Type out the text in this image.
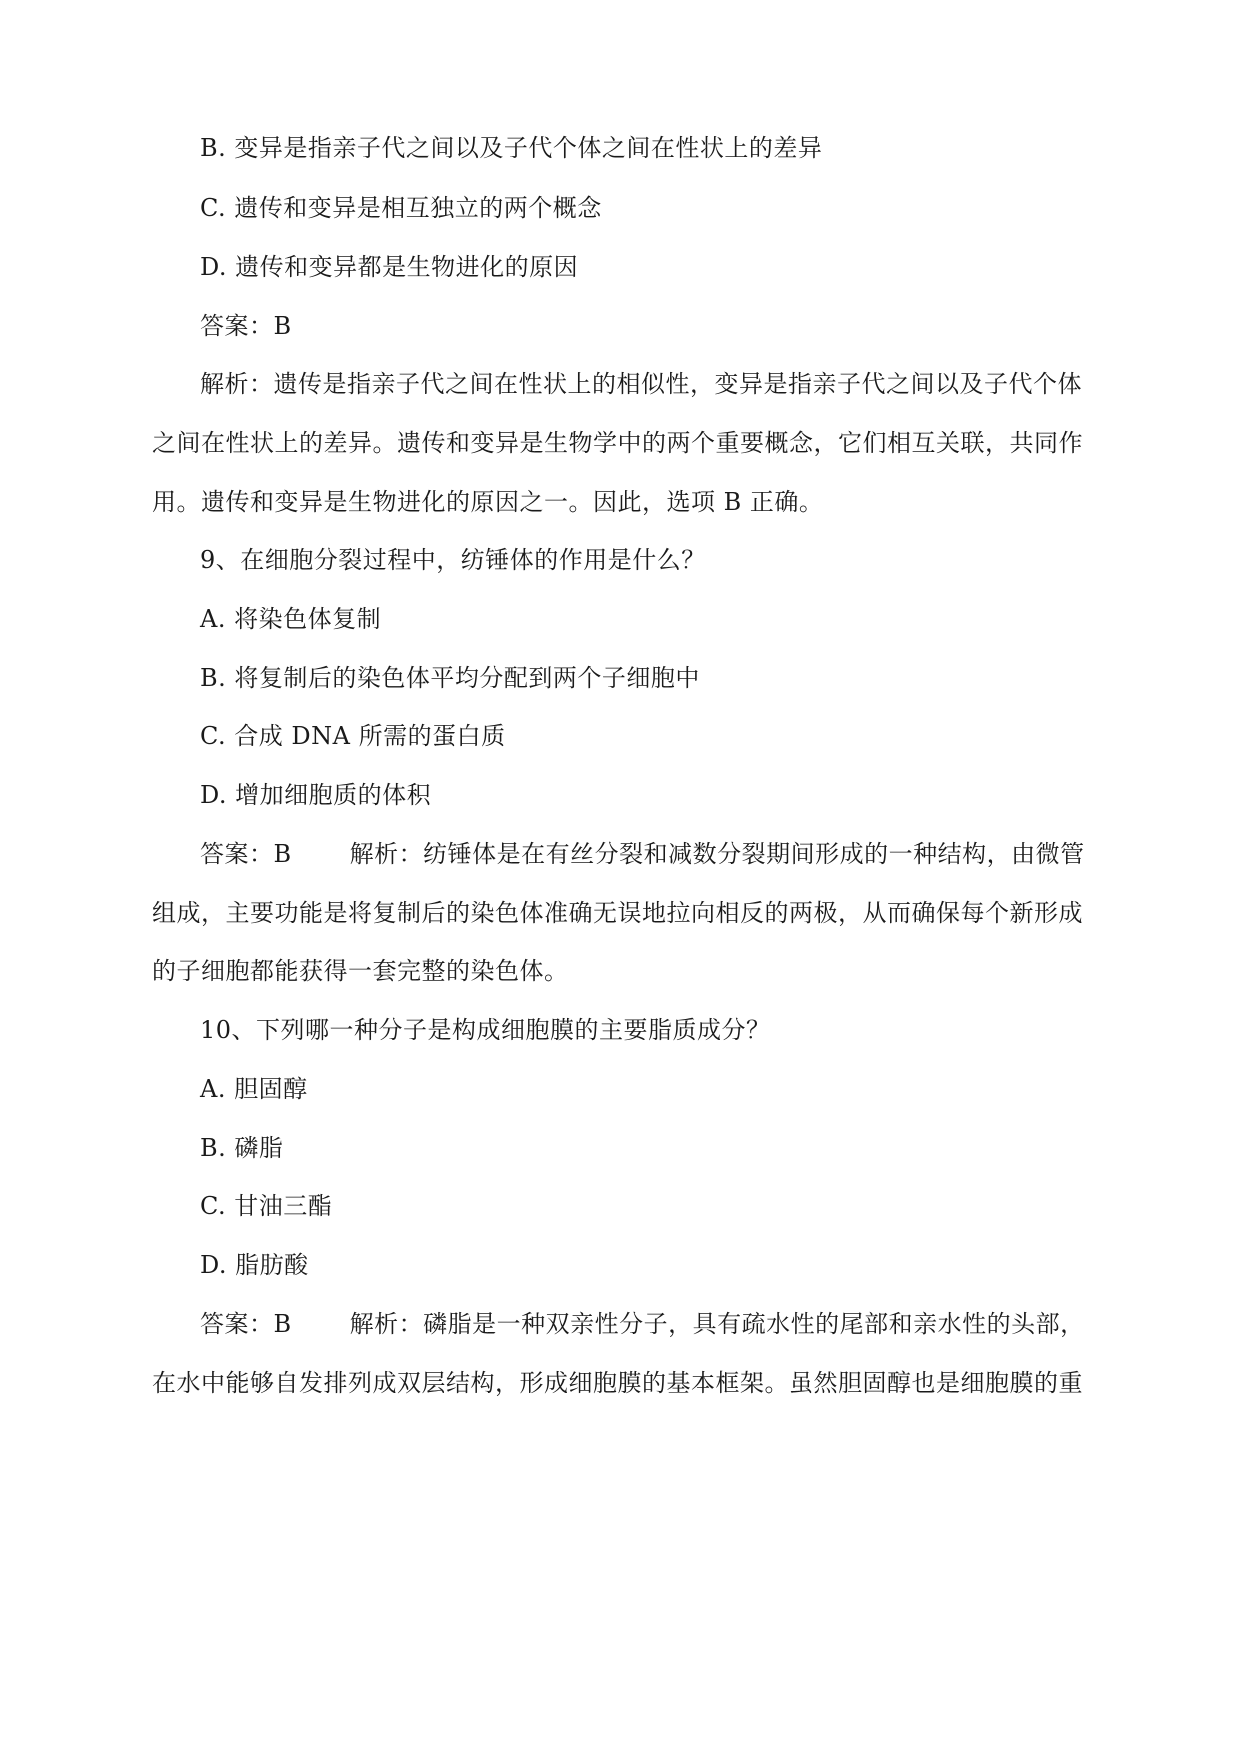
B. 变异是指亲子代之间以及子代个体之间在性状上的差异
C. 遗传和变异是相互独立的两个概念
D. 遗传和变异都是生物进化的原因
答案：B
解析：遗传是指亲子代之间在性状上的相似性，变异是指亲子代之间以及子代个体
之间在性状上的差异。遗传和变异是生物学中的两个重要概念，它们相互关联，共同作
用。遗传和变异是生物进化的原因之一。因此，选项 B 正确。
9、在细胞分裂过程中，纺锤体的作用是什么？
A. 将染色体复制
B. 将复制后的染色体平均分配到两个子细胞中
C. 合成 DNA 所需的蛋白质
D. 增加细胞质的体积
答案：B 解析：纺锤体是在有丝分裂和减数分裂期间形成的一种结构，由微管
组成，主要功能是将复制后的染色体准确无误地拉向相反的两极，从而确保每个新形成
的子细胞都能获得一套完整的染色体。
10、下列哪一种分子是构成细胞膜的主要脂质成分？
A. 胆固醇
B. 磷脂
C. 甘油三酯
D. 脂肪酸
答案：B 解析：磷脂是一种双亲性分子，具有疏水性的尾部和亲水性的头部，
在水中能够自发排列成双层结构，形成细胞膜的基本框架。虽然胆固醇也是细胞膜的重
